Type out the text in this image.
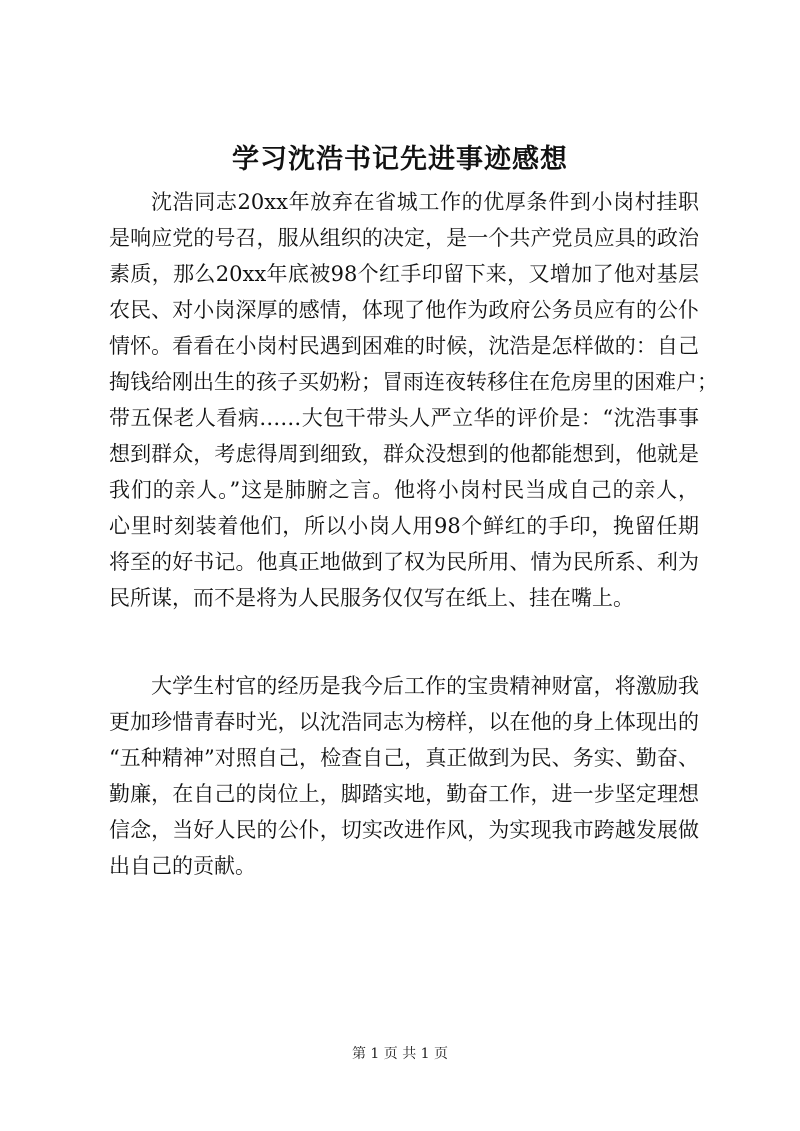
学习沈浩书记先进事迹感想
沈浩同志20xx年放弃在省城工作的优厚条件到小岗村挂职
是响应党的号召，服从组织的决定，是一个共产党员应具的政治
素质，那么20xx年底被98个红手印留下来，又增加了他对基层
农民、对小岗深厚的感情，体现了他作为政府公务员应有的公仆
情怀。看看在小岗村民遇到困难的时候，沈浩是怎样做的：自己
掏钱给刚出生的孩子买奶粉；冒雨连夜转移住在危房里的困难户；
带五保老人看病……大包干带头人严立华的评价是：“沈浩事事
想到群众，考虑得周到细致，群众没想到的他都能想到，他就是
我们的亲人。”这是肺腑之言。他将小岗村民当成自己的亲人，
心里时刻装着他们，所以小岗人用98个鲜红的手印，挽留任期
将至的好书记。他真正地做到了权为民所用、情为民所系、利为
民所谋，而不是将为人民服务仅仅写在纸上、挂在嘴上。
大学生村官的经历是我今后工作的宝贵精神财富，将激励我
更加珍惜青春时光，以沈浩同志为榜样，以在他的身上体现出的
“五种精神”对照自己，检查自己，真正做到为民、务实、勤奋、
勤廉，在自己的岗位上，脚踏实地，勤奋工作，进一步坚定理想
信念，当好人民的公仆，切实改进作风，为实现我市跨越发展做
出自己的贡献。
第 1 页 共 1 页
